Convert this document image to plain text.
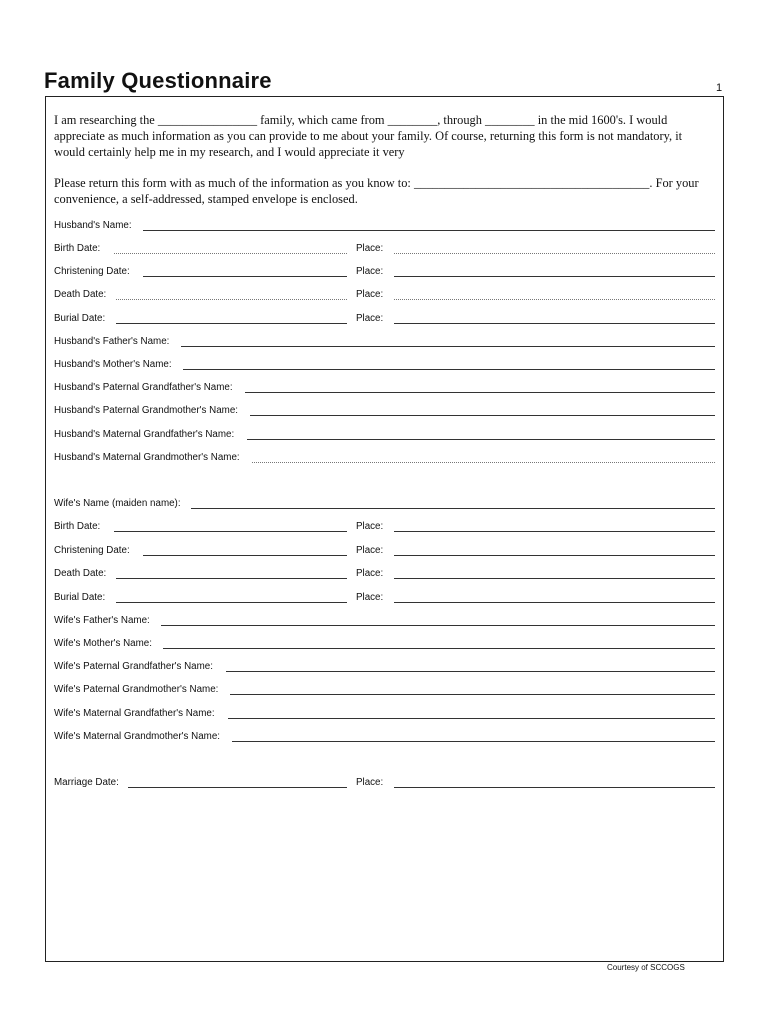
Family Questionnaire	1

I am researching the ________________ family, which came from ________, through ________ in the mid 1600's. I would appreciate as much information as you can provide to me about your family. Of course, returning this form is not mandatory, it would certainly help me in my research, and I would appreciate it very

Please return this form with as much of the information as you know to: ______________________________________. For your convenience, a self-addressed, stamped envelope is enclosed.

Husband's Name:
Birth Date:	Place:
Christening Date:	Place:
Death Date:	Place:
Burial Date:	Place:
Husband's Father's Name:
Husband's Mother's Name:
Husband's Paternal Grandfather's Name:
Husband's Paternal Grandmother's Name:
Husband's Maternal Grandfather's Name:
Husband's Maternal Grandmother's Name:
Wife's Name (maiden name):
Birth Date:	Place:
Christening Date:	Place:
Death Date:	Place:
Burial Date:	Place:
Wife's Father's Name:
Wife's Mother's Name:
Wife's Paternal Grandfather's Name:
Wife's Paternal Grandmother's Name:
Wife's Maternal Grandfather's Name:
Wife's Maternal Grandmother's Name:
Marriage Date:	Place:
Courtesy of SCCOGS
